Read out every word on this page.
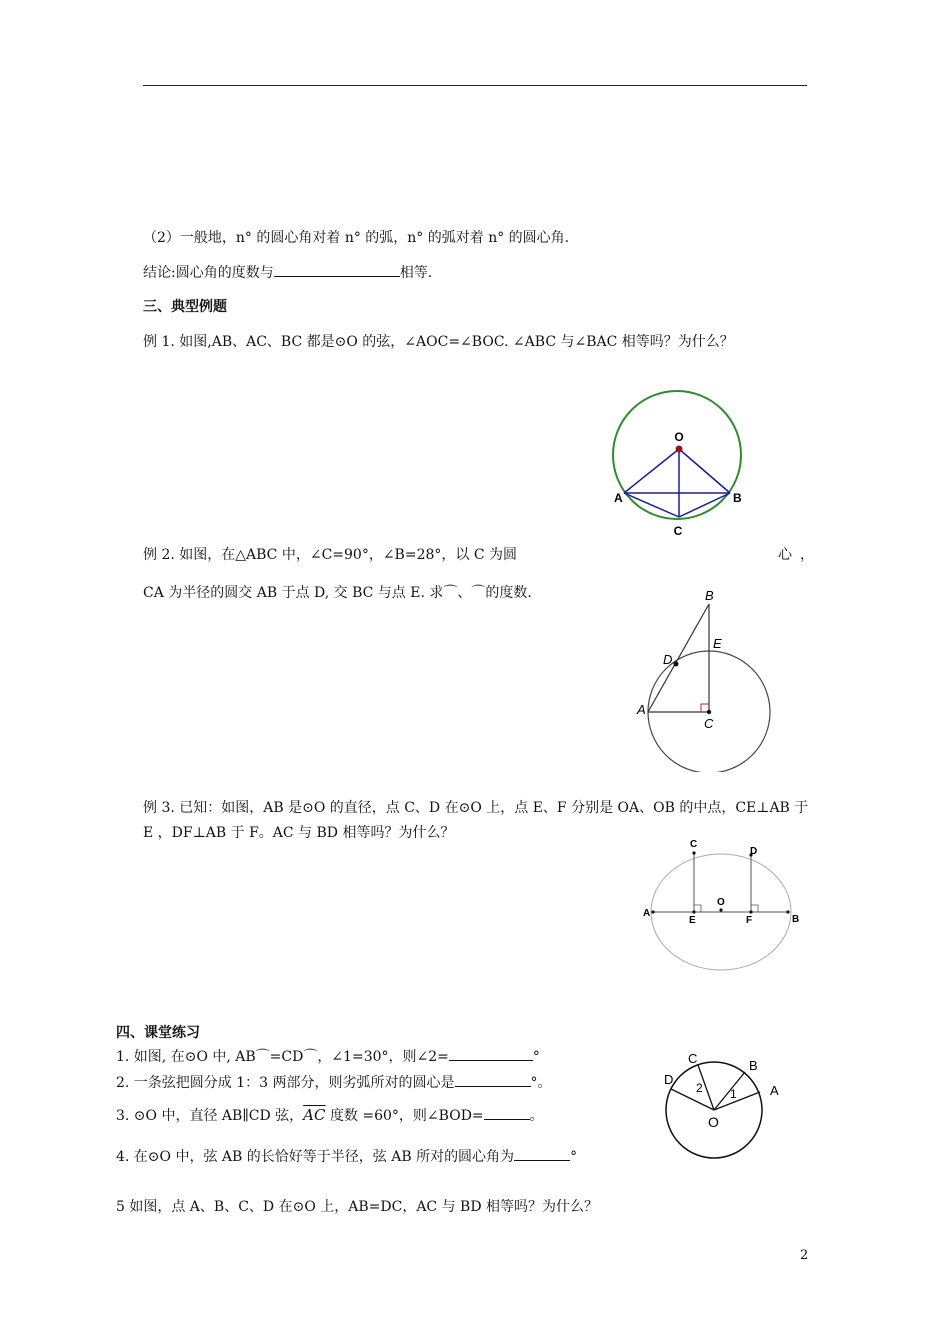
（2）一般地，n° 的圆心角对着 n° 的弧，n° 的弧对着 n° 的圆心角.
结论:圆心角的度数与	相等.
三、典型例题
例 1. 如图,AB、AC、BC 都是⊙O 的弦，∠AOC=∠BOC. ∠ABC 与∠BAC 相等吗？为什么？
O
A	B
C
例 2. 如图，在△ABC 中，∠C=90°，∠B=28°，以 C 为圆	心，
CA 为半径的圆交 AB 于点 D, 交 BC 与点 E. 求⌒、⌒的度数.	B
E
D
A
C
例 3. 已知：如图，AB 是⊙O 的直径，点 C、D 在⊙O 上，点 E、F 分别是 OA、OB 的中点，CE⊥AB 于
E ，DF⊥AB 于 F。AC 与 BD 相等吗？为什么？
C
D
O
A
E	F	B
四、课堂练习
1. 如图, 在⊙O 中, AB⌒=CD⌒，∠1=30°，则∠2=	°
2. 一条弦把圆分成 1：3 两部分，则劣弧所对的圆心是	°。
3. ⊙O 中，直径 AB∥CD 弦，$\overline{AC}$ 度数 =60°，则∠BOD=	。
4. 在⊙O 中，弦 AB 的长恰好等于半径，弦 AB 所对的圆心角为	°
5 如图，点 A、B、C、D 在⊙O 上，AB=DC，AC 与 BD 相等吗？为什么？
C	B
D
A
O
1
2
2
